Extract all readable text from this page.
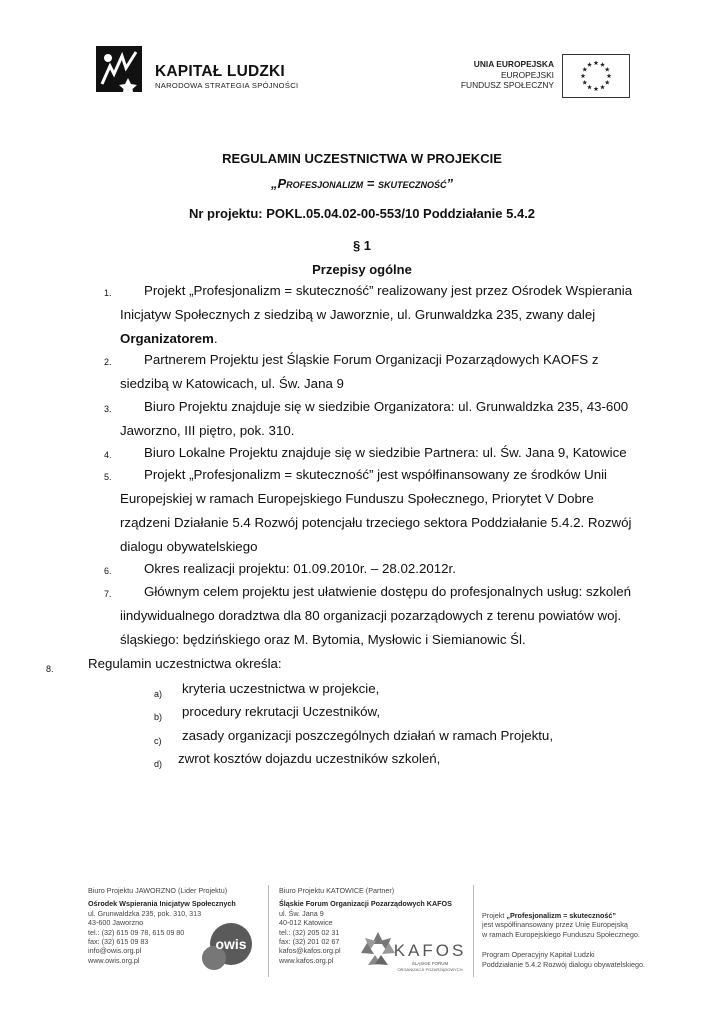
KAPITAŁ LUDZKI
NARODOWA STRATEGIA SPÓJNOŚCI
UNIA EUROPEJSKA
EUROPEJSKI
FUNDUSZ SPOŁECZNY
REGULAMIN UCZESTNICTWA W PROJEKCIE
„Profesjonalizm = skuteczność”
Nr projektu: POKL.05.04.02-00-553/10 Poddziałanie 5.4.2
§ 1
Przepisy ogólne
1. Projekt „Profesjonalizm = skuteczność” realizowany jest przez Ośrodek Wspierania
Inicjatyw Społecznych z siedzibą w Jaworznie, ul. Grunwaldzka 235, zwany dalej
Organizatorem.
2. Partnerem Projektu jest Śląskie Forum Organizacji Pozarządowych KAOFS z
siedzibą w Katowicach, ul. Św. Jana 9
3. Biuro Projektu znajduje się w siedzibie Organizatora: ul. Grunwaldzka 235, 43-600
Jaworzno, III piętro, pok. 310.
4. Biuro Lokalne Projektu znajduje się w siedzibie Partnera: ul. Św. Jana 9, Katowice
5. Projekt „Profesjonalizm = skuteczność” jest współfinansowany ze środków Unii
Europejskiej w ramach Europejskiego Funduszu Społecznego, Priorytet V Dobre
rządzeni Działanie 5.4 Rozwój potencjału trzeciego sektora Poddziałanie 5.4.2. Rozwój
dialogu obywatelskiego
6. Okres realizacji projektu: 01.09.2010r. – 28.02.2012r.
7. Głównym celem projektu jest ułatwienie dostępu do profesjonalnych usług: szkoleń
iindywidualnego doradztwa dla 80 organizacji pozarządowych z terenu powiatów woj.
śląskiego: będzińskiego oraz M. Bytomia, Mysłowic i Siemianowic Śl.
8.	Regulamin uczestnictwa określa:
a) kryteria uczestnictwa w projekcie,
b) procedury rekrutacji Uczestników,
c) zasady organizacji poszczególnych działań w ramach Projektu,
d) zwrot kosztów dojazdu uczestników szkoleń,
Biuro Projektu JAWORZNO (Lider Projektu)
Ośrodek Wspierania Inicjatyw Społecznych
ul. Grunwaldzka 235, pok. 310, 313
43-600 Jaworzno
tel.: (32) 615 09 78, 615 09 80
fax: (32) 615 09 83
info@owis.org.pl
www.owis.org.pl
owis
Biuro Projektu KATOWICE (Partner)
Śląskie Forum Organizacji Pozarządowych KAFOS
ul. Św. Jana 9
40-012 Katowice
tel.: (32) 205 02 31
fax: (32) 201 02 67
kafos@kafos.org.pl
www.kafos.org.pl
KAFOS
ŚLĄSKIE FORUM
ORGANIZACJI POZARZĄDOWYCH
Projekt „Profesjonalizm = skuteczność”
jest współfinansowany przez Unię Europejską
w ramach Europejskiego Funduszu Społecznego.
Program Operacyjny Kapitał Ludzki
Poddziałanie 5.4.2 Rozwój dialogu obywatelskiego.
